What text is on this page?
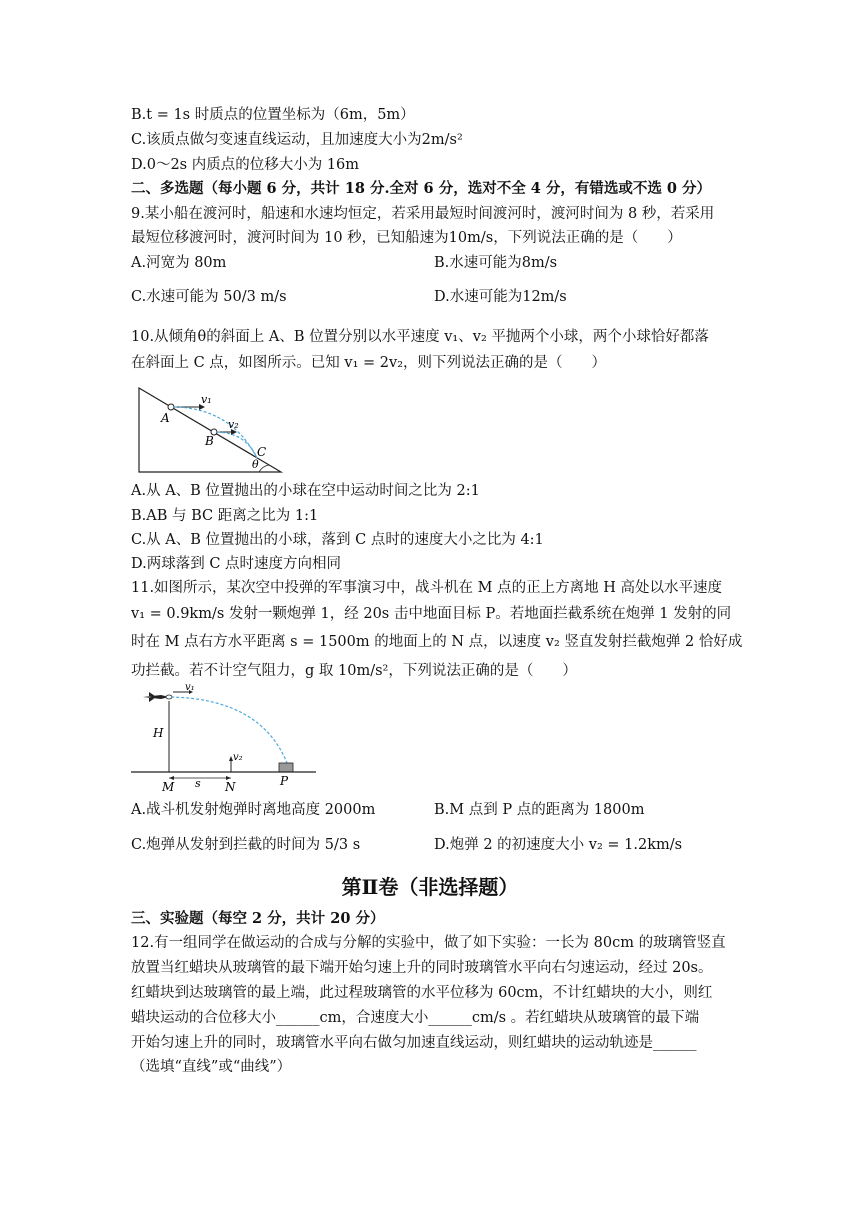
B.t = 1s 时质点的位置坐标为（6m，5m）
C.该质点做匀变速直线运动，且加速度大小为2m/s²
D.0～2s 内质点的位移大小为 16m
二、多选题（每小题 6 分，共计 18 分.全对 6 分，选对不全 4 分，有错选或不选 0 分）
9.某小船在渡河时，船速和水速均恒定，若采用最短时间渡河时，渡河时间为 8 秒，若采用
最短位移渡河时，渡河时间为 10 秒，已知船速为10m/s，下列说法正确的是（　　）
A.河宽为 80m	B.水速可能为8m/s
C.水速可能为 50/3 m/s	D.水速可能为12m/s
10.从倾角θ的斜面上 A、B 位置分别以水平速度 v₁、v₂ 平抛两个小球，两个小球恰好都落
在斜面上 C 点，如图所示。已知 v₁ = 2v₂，则下列说法正确的是（　　）
A
B
C
θ
v₁
v₂
A.从 A、B 位置抛出的小球在空中运动时间之比为 2:1
B.AB 与 BC 距离之比为 1:1
C.从 A、B 位置抛出的小球，落到 C 点时的速度大小之比为 4:1
D.两球落到 C 点时速度方向相同
11.如图所示，某次空中投弹的军事演习中，战斗机在 M 点的正上方离地 H 高处以水平速度
v₁ = 0.9km/s 发射一颗炮弹 1，经 20s 击中地面目标 P。若地面拦截系统在炮弹 1 发射的同
时在 M 点右方水平距离 s = 1500m 的地面上的 N 点，以速度 v₂ 竖直发射拦截炮弹 2 恰好成
功拦截。若不计空气阻力，g 取 10m/s²，下列说法正确的是（　　）
H
M	N
s	P
v₁
v₂
A.战斗机发射炮弹时离地高度 2000m	B.M 点到 P 点的距离为 1800m
C.炮弹从发射到拦截的时间为 5/3 s	D.炮弹 2 的初速度大小 v₂ = 1.2km/s
第Ⅱ卷（非选择题）
三、实验题（每空 2 分，共计 20 分）
12.有一组同学在做运动的合成与分解的实验中，做了如下实验：一长为 80cm 的玻璃管竖直
放置当红蜡块从玻璃管的最下端开始匀速上升的同时玻璃管水平向右匀速运动，经过 20s。
红蜡块到达玻璃管的最上端，此过程玻璃管的水平位移为 60cm，不计红蜡块的大小，则红
蜡块运动的合位移大小______cm，合速度大小______cm/s 。若红蜡块从玻璃管的最下端
开始匀速上升的同时，玻璃管水平向右做匀加速直线运动，则红蜡块的运动轨迹是______
（选填“直线”或“曲线”）
